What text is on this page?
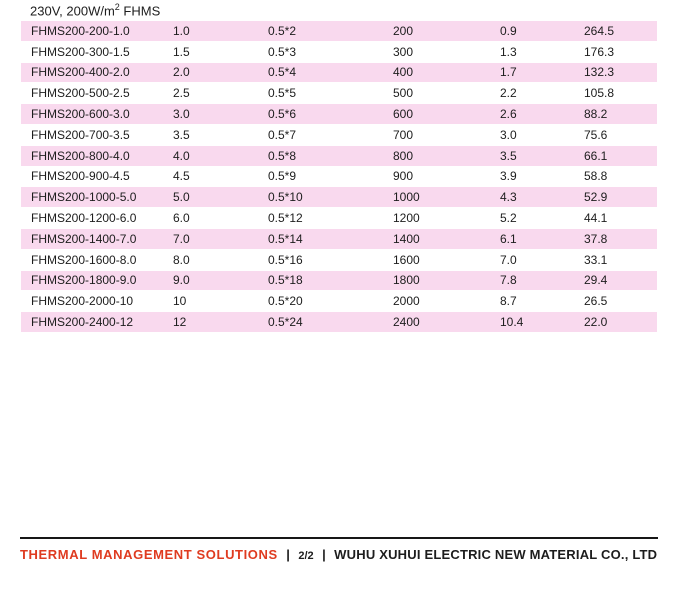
230V, $200W/m^2$ FHMS
FHMS200-200-1.0	1.0	0.5*2	200	0.9	264.5
FHMS200-300-1.5	1.5	0.5*3	300	1.3	176.3
FHMS200-400-2.0	2.0	0.5*4	400	1.7	132.3
FHMS200-500-2.5	2.5	0.5*5	500	2.2	105.8
FHMS200-600-3.0	3.0	0.5*6	600	2.6	88.2
FHMS200-700-3.5	3.5	0.5*7	700	3.0	75.6
FHMS200-800-4.0	4.0	0.5*8	800	3.5	66.1
FHMS200-900-4.5	4.5	0.5*9	900	3.9	58.8
FHMS200-1000-5.0	5.0	0.5*10	1000	4.3	52.9
FHMS200-1200-6.0	6.0	0.5*12	1200	5.2	44.1
FHMS200-1400-7.0	7.0	0.5*14	1400	6.1	37.8
FHMS200-1600-8.0	8.0	0.5*16	1600	7.0	33.1
FHMS200-1800-9.0	9.0	0.5*18	1800	7.8	29.4
FHMS200-2000-10	10	0.5*20	2000	8.7	26.5
FHMS200-2400-12	12	0.5*24	2400	10.4	22.0
THERMAL MANAGEMENT SOLUTIONS | 2/2 | WUHU XUHUI ELECTRIC NEW MATERIAL CO., LTD
